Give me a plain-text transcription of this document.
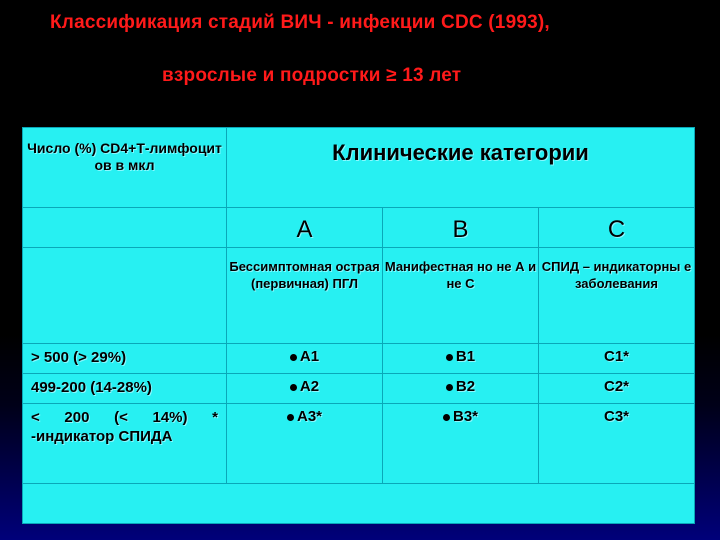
Классификация стадий ВИЧ - инфекции CDC (1993),
взрослые и подростки ≥ 13 лет
Число (%) CD4+Т-лимфоцит ов в мкл	Клинические категории		
	A	B	C
	Бессимптомная острая (первичная) ПГЛ	Манифестная но не А и не С	СПИД – индикаторны е заболевания
> 500 (> 29%)	A1	B1	C1*
499-200 (14-28%)	A2	B2	C2*
< 200 (< 14%) * -индикатор СПИДА	A3*	B3*	C3*
